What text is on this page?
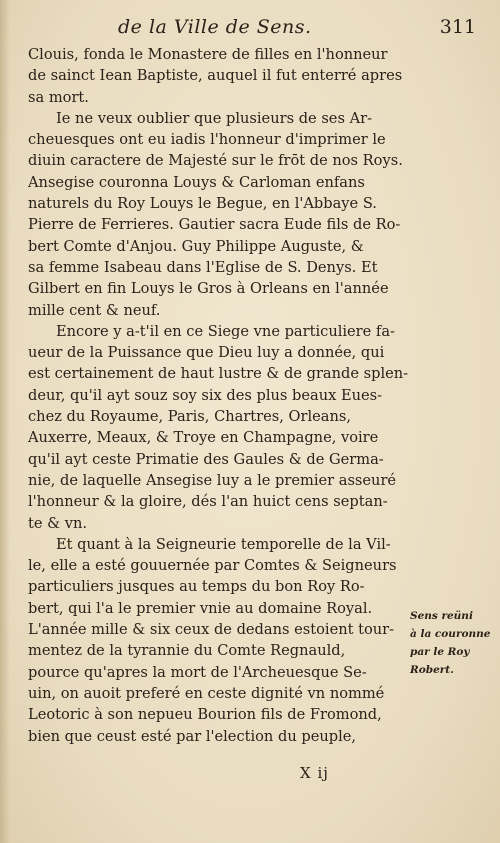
de la Ville de Sens.	311
Clouis, fonda le Monastere de filles en l'honneur
de sainct Iean Baptiste, auquel il fut enterré apres
sa mort.
Ie ne veux oublier que plusieurs de ses Ar-
cheuesques ont eu iadis l'honneur d'imprimer le
diuin caractere de Majesté sur le frōt de nos Roys.
Ansegise couronna Louys & Carloman enfans
naturels du Roy Louys le Begue, en l'Abbaye S.
Pierre de Ferrieres. Gautier sacra Eude fils de Ro-
bert Comte d'Anjou. Guy Philippe Auguste, &
sa femme Isabeau dans l'Eglise de S. Denys. Et
Gilbert en fin Louys le Gros à Orleans en l'année
mille cent & neuf.
Encore y a-t'il en ce Siege vne particuliere fa-
ueur de la Puissance que Dieu luy a donnée, qui
est certainement de haut lustre & de grande splen-
deur, qu'il ayt souz soy six des plus beaux Eues-
chez du Royaume, Paris, Chartres, Orleans,
Auxerre, Meaux, & Troye en Champagne, voire
qu'il ayt ceste Primatie des Gaules & de Germa-
nie, de laquelle Ansegise luy a le premier asseuré
l'honneur & la gloire, dés l'an huict cens septan-
te & vn.
Et quant à la Seigneurie temporelle de la Vil-
le, elle a esté gouuernée par Comtes & Seigneurs
particuliers jusques au temps du bon Roy Ro-
bert, qui l'a le premier vnie au domaine Royal.
L'année mille & six ceux de dedans estoient tour-
mentez de la tyrannie du Comte Regnauld,
pource qu'apres la mort de l'Archeuesque Se-
uin, on auoit preferé en ceste dignité vn nommé
Leotoric à son nepueu Bourion fils de Fromond,
bien que ceust esté par l'election du peuple,
Sens reüni
à la couronne
par le Roy
Robert.
X ij
